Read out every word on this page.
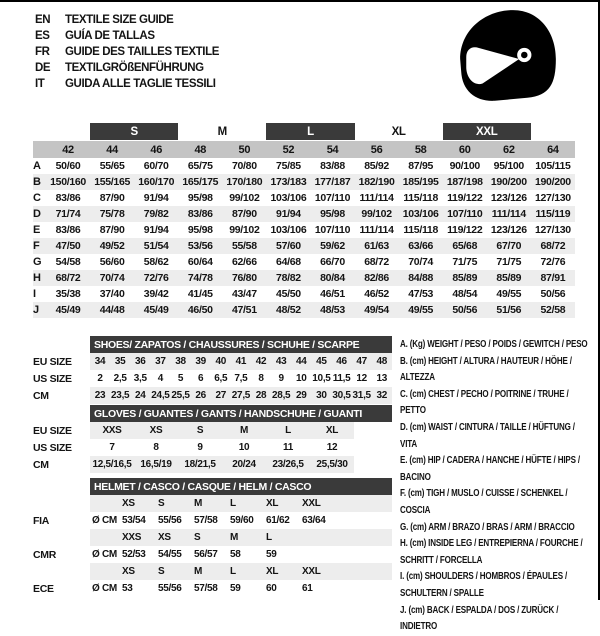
EN	TEXTILE SIZE GUIDE
ES	GUÍA DE TALLAS
FR	GUIDE DES TAILLES TEXTILE
DE	TEXTILGRÖßENFÜHRUNG
IT	GUIDA ALLE TAGLIE TESSILI
S	M	L	XL	XXL
42	44	46	48	50	52	54	56	58	60	62	64
A	50/60	55/65	60/70	65/75	70/80	75/85	83/88	85/92	87/95	90/100	95/100	105/115
B 150/160 155/165 160/170 165/175 170/180 173/183 177/187 182/190 185/195 187/198 190/200 190/200
C	83/86	87/90	91/94	95/98	99/102	103/106 107/110 111/114 115/118 119/122 123/126 127/130
D	71/74	75/78	79/82	83/86	87/90	91/94	95/98	99/102	103/106 107/110 111/114 115/119
E	83/86	87/90	91/94	95/98	99/102	103/106 107/110 111/114 115/118 119/122 123/126 127/130
F	47/50	49/52	51/54	53/56	55/58	57/60	59/62	61/63	63/66	65/68	67/70	68/72
G	54/58	56/60	58/62	60/64	62/66	64/68	66/70	68/72	70/74	71/75	71/75	72/76
H	68/72	70/74	72/76	74/78	76/80	78/82	80/84	82/86	84/88	85/89	85/89	87/91
I	35/38	37/40	39/42	41/45	43/47	45/50	46/51	46/52	47/53	48/54	49/55	50/56
J	45/49	44/48	45/49	46/50	47/51	48/52	48/53	49/54	49/55	50/56	51/56	52/58
SHOES/ ZAPATOS / CHAUSSURES / SCHUHE / SCARPE
EU SIZE	34 35 36 37 38 39 40 41 42 43 44 45 46 47 48
US SIZE	2	2,5 3,5	4	5	6	6,5 7,5	8	9	10 10,5 11,5 12 13
CM	23 23,5 24 24,5 25,5 26 27 27,5 28 28,5 29 30 30,5 31,5 32
GLOVES / GUANTES / GANTS / HANDSCHUHE / GUANTI
EU SIZE	XXS	XS	S	M	L	XL
US SIZE	7	8	9	10	11	12
CM	12,5/16,5 16,5/19	18/21,5	20/24	23/26,5	25,5/30
HELMET / CASCO / CASQUE / HELM / CASCO
XS	S	M	L	XL	XXL
FIA	Ø CM 53/54	55/56	57/58	59/60	61/62	63/64
XXS	XS	S	M	L
CMR	Ø CM 52/53	54/55	56/57	58	59
XS	S	M	L	XL	XXL
ECE	Ø CM 53	55/56	57/58	59	60	61
A. (Kg) WEIGHT / PESO / POIDS / GEWITCH / PESO
B. (cm) HEIGHT / ALTURA / HAUTEUR / HÖHE / ALTEZZA
C. (cm) CHEST / PECHO / POITRINE / TRUHE / PETTO
D. (cm) WAIST / CINTURA / TAILLE / HÜFTUNG / VITA
E. (cm) HIP / CADERA / HANCHE / HÜFTE / HIPS / BACINO
F. (cm) TIGH / MUSLO / CUISSE / SCHENKEL / COSCIA
G. (cm) ARM / BRAZO / BRAS / ARM / BRACCIO
H. (cm) INSIDE LEG / ENTREPIERNA / FOURCHE / SCHRITT / FORCELLA
I. (cm) SHOULDERS / HOMBROS / ÉPAULES / SCHULTERN / SPALLE
J. (cm) BACK / ESPALDA / DOS / ZURÜCK / INDIETRO
